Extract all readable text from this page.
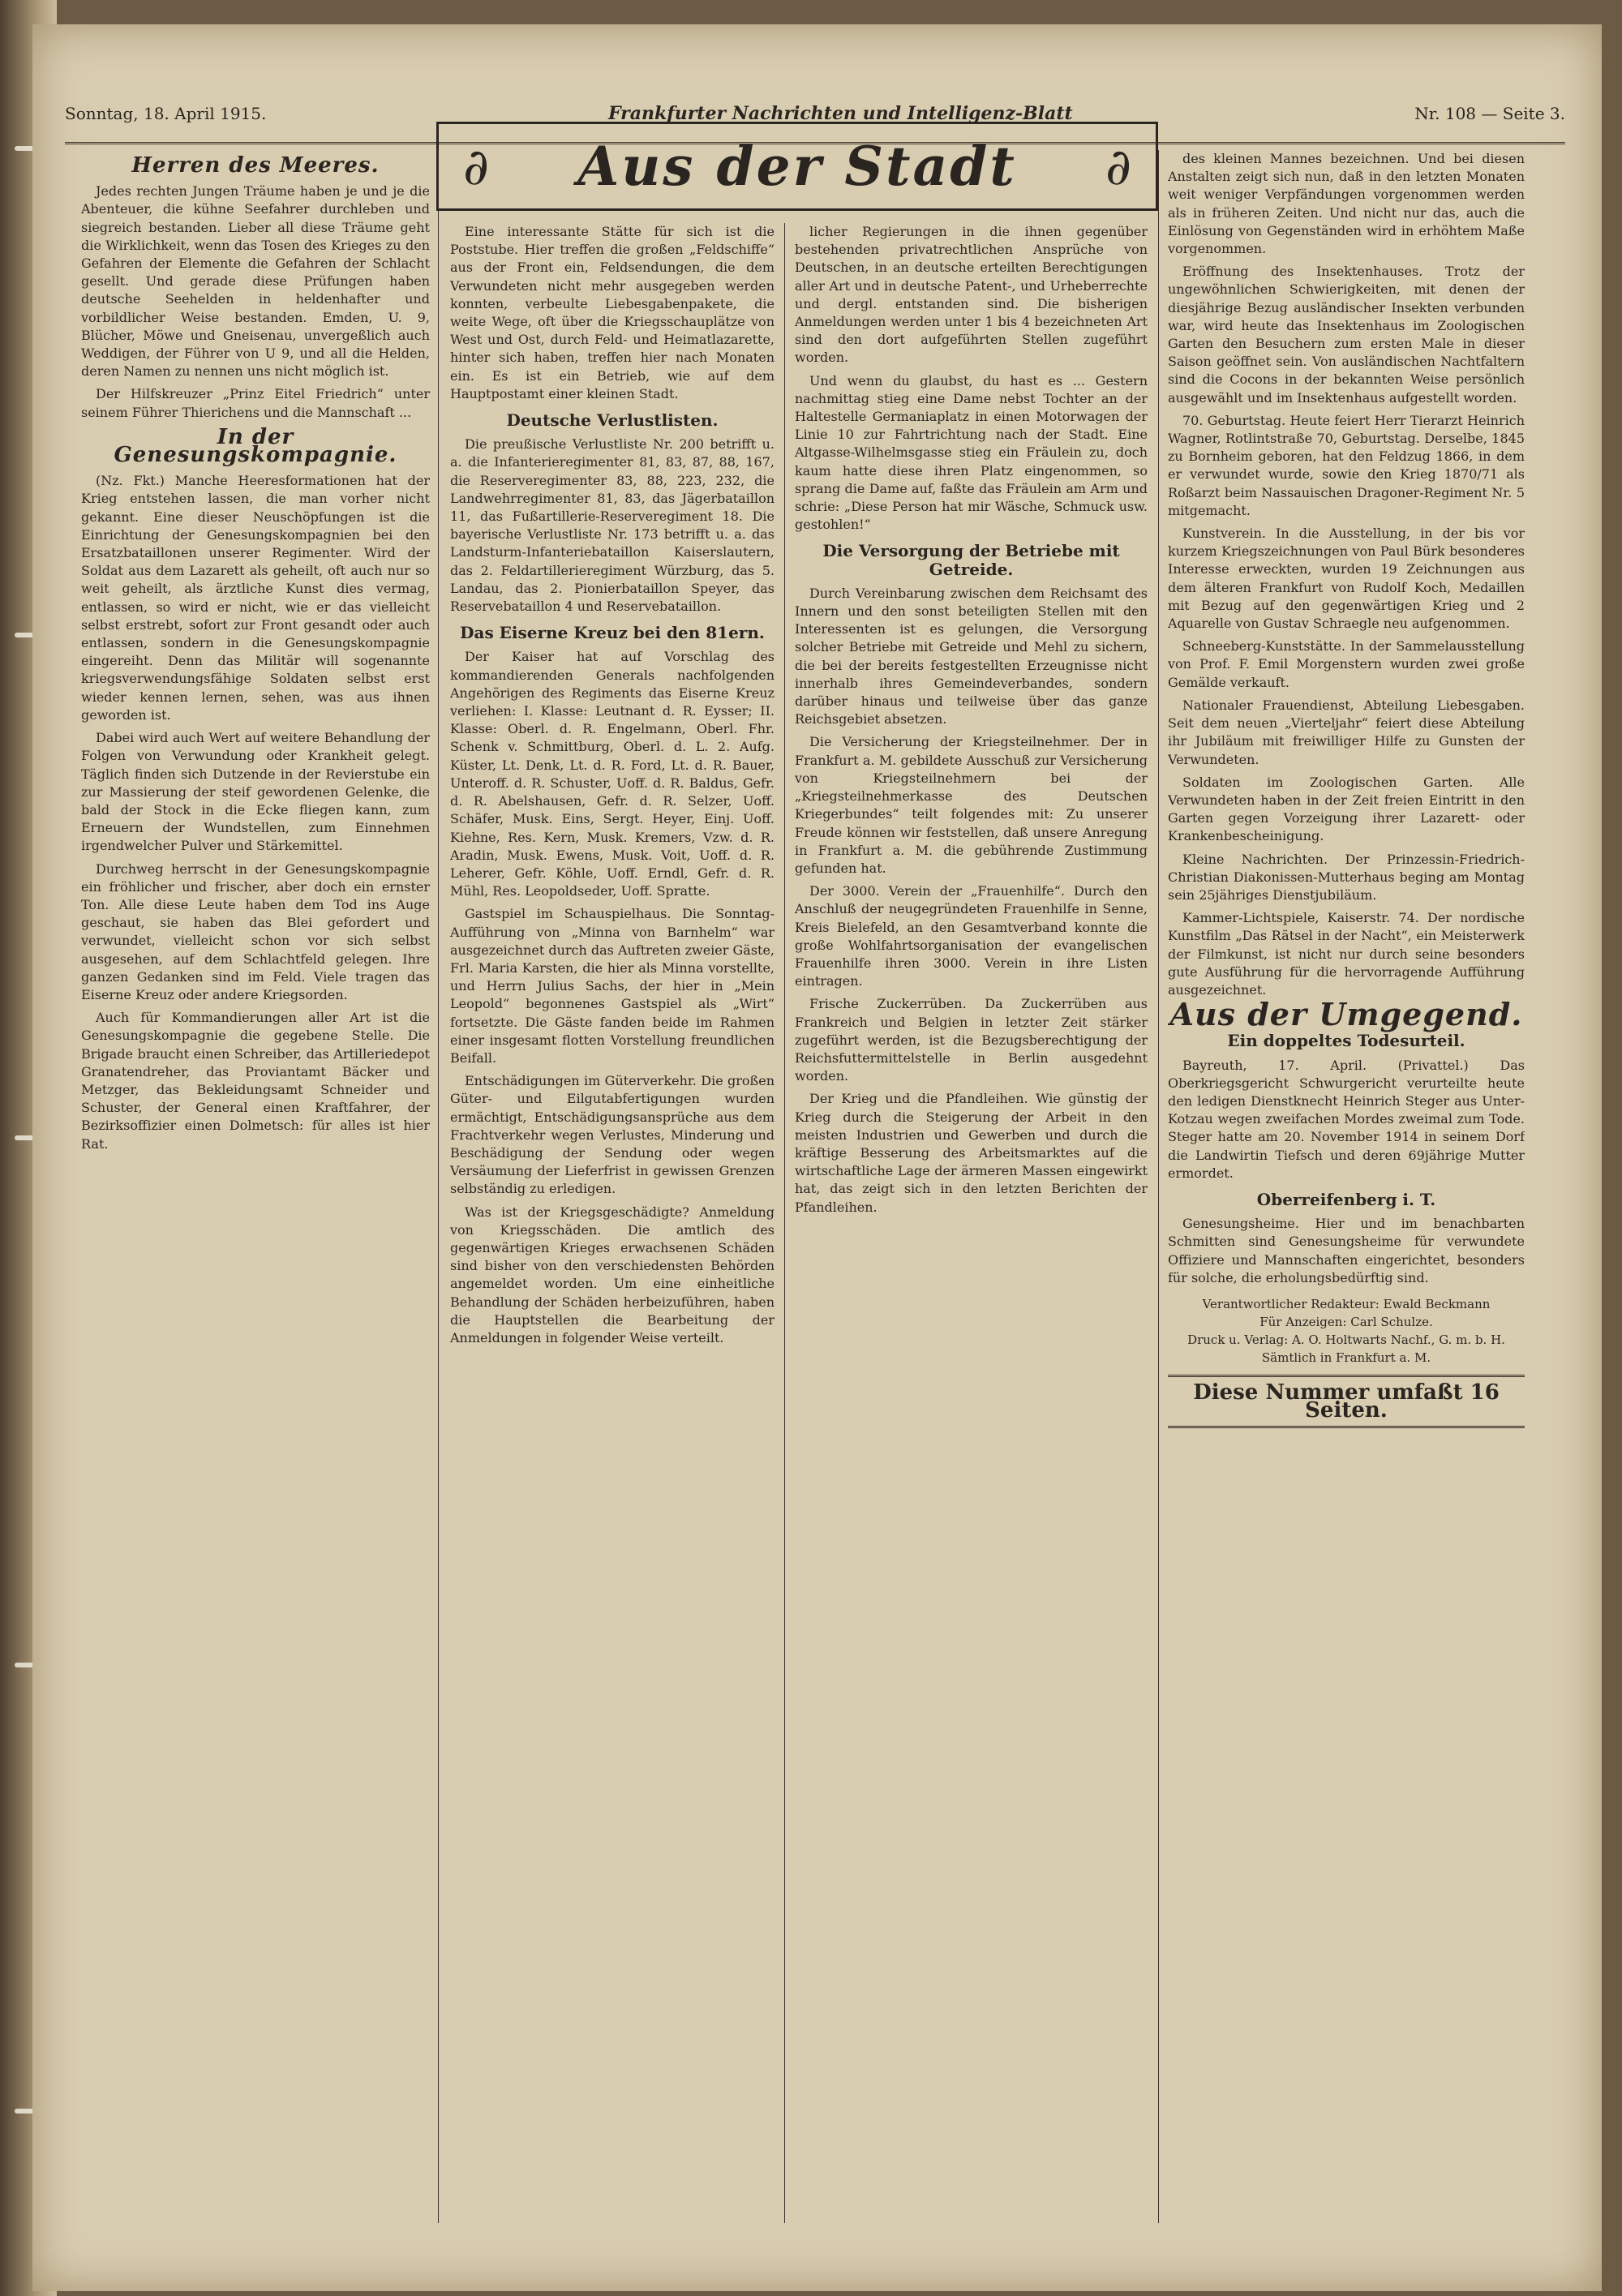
Sonntag, 18. April 1915.	Frankfurter Nachrichten und Intelligenz-Blatt	Nr. 108 — Seite 3.
∂ Aus der Stadt ∂
Herren des Meeres.

Jedes rechten Jungen Träume haben je und je die Abenteuer, die kühne Seefahrer durchleben und siegreich bestanden. Lieber all diese Träume geht die Wirklichkeit, wenn das Tosen des Krieges zu den Gefahren der Elemente die Gefahren der Schlacht gesellt. Und gerade diese Prüfungen haben deutsche Seehelden in heldenhafter und vorbildlicher Weise bestanden. Emden, U. 9, Blücher, Möwe und Gneisenau, unvergeßlich auch Weddigen, der Führer von U 9, und all die Helden, deren Namen zu nennen uns nicht möglich ist.

Der Hilfskreuzer „Prinz Eitel Friedrich“ unter seinem Führer Thierichens und die Mannschaft ...

In der Genesungskompagnie.

(Nz. Fkt.) Manche Heeresformationen hat der Krieg entstehen lassen, die man vorher nicht gekannt. Eine dieser Neuschöpfungen ist die Einrichtung der Genesungskompagnien bei den Ersatzbataillonen unserer Regimenter. Wird der Soldat aus dem Lazarett als geheilt, oft auch nur so weit geheilt, als ärztliche Kunst dies vermag, entlassen, so wird er nicht, wie er das vielleicht selbst erstrebt, sofort zur Front gesandt oder auch entlassen, sondern in die Genesungskompagnie eingereiht. Denn das Militär will sogenannte kriegsverwendungsfähige Soldaten selbst erst wieder kennen lernen, sehen, was aus ihnen geworden ist.

Dabei wird auch Wert auf weitere Behandlung der Folgen von Verwundung oder Krankheit gelegt. Täglich finden sich Dutzende in der Revierstube ein zur Massierung der steif gewordenen Gelenke, die bald der Stock in die Ecke fliegen kann, zum Erneuern der Wundstellen, zum Einnehmen irgendwelcher Pulver und Stärkemittel.

Durchweg herrscht in der Genesungskompagnie ein fröhlicher und frischer, aber doch ein ernster Ton. Alle diese Leute haben dem Tod ins Auge geschaut, sie haben das Blei gefordert und verwundet, vielleicht schon vor sich selbst ausgesehen, auf dem Schlachtfeld gelegen. Ihre ganzen Gedanken sind im Feld. Viele tragen das Eiserne Kreuz oder andere Kriegsorden.

Auch für Kommandierungen aller Art ist die Genesungskompagnie die gegebene Stelle. Die Brigade braucht einen Schreiber, das Artilleriedepot Granatendreher, das Proviantamt Bäcker und Metzger, das Bekleidungsamt Schneider und Schuster, der General einen Kraftfahrer, der Bezirksoffizier einen Dolmetsch: für alles ist hier Rat.

Eine interessante Stätte für sich ist die Poststube. Hier treffen die großen „Feldschiffe“ aus der Front ein, Feldsendungen, die dem Verwundeten nicht mehr ausgegeben werden konnten, verbeulte Liebesgabenpakete, die weite Wege, oft über die Kriegsschauplätze von West und Ost, durch Feld- und Heimatlazarette, hinter sich haben, treffen hier nach Monaten ein. Es ist ein Betrieb, wie auf dem Hauptpostamt einer kleinen Stadt.

Deutsche Verlustlisten.

Die preußische Verlustliste Nr. 200 betrifft u. a. die Infanterieregimenter 81, 83, 87, 88, 167, die Reserveregimenter 83, 88, 223, 232, die Landwehrregimenter 81, 83, das Jägerbataillon 11, das Fußartillerie-Reserveregiment 18. Die bayerische Verlustliste Nr. 173 betrifft u. a. das Landsturm-Infanteriebataillon Kaiserslautern, das 2. Feldartillerieregiment Würzburg, das 5. Landau, das 2. Pionierbataillon Speyer, das Reservebataillon 4 und Reservebataillon.

Das Eiserne Kreuz bei den 81ern.

Der Kaiser hat auf Vorschlag des kommandierenden Generals nachfolgenden Angehörigen des Regiments das Eiserne Kreuz verliehen: I. Klasse: Leutnant d. R. Eysser; II. Klasse: Oberl. d. R. Engelmann, Oberl. Fhr. Schenk v. Schmittburg, Oberl. d. L. 2. Aufg. Küster, Lt. Denk, Lt. d. R. Ford, Lt. d. R. Bauer, Unteroff. d. R. Schuster, Uoff. d. R. Baldus, Gefr. d. R. Abelshausen, Gefr. d. R. Selzer, Uoff. Schäfer, Musk. Eins, Sergt. Heyer, Einj. Uoff. Kiehne, Res. Kern, Musk. Kremers, Vzw. d. R. Aradin, Musk. Ewens, Musk. Voit, Uoff. d. R. Leherer, Gefr. Köhle, Uoff. Erndl, Gefr. d. R. Mühl, Res. Leopoldseder, Uoff. Spratte.

Gastspiel im Schauspielhaus. Die Sonntag-Aufführung von „Minna von Barnhelm“ war ausgezeichnet durch das Auftreten zweier Gäste, Frl. Maria Karsten, die hier als Minna vorstellte, und Herrn Julius Sachs, der hier in „Mein Leopold“ begonnenes Gastspiel als „Wirt“ fortsetzte. Die Gäste fanden beide im Rahmen einer insgesamt flotten Vorstellung freundlichen Beifall.

Entschädigungen im Güterverkehr. Die großen Güter- und Eilgutabfertigungen wurden ermächtigt, Entschädigungsansprüche aus dem Frachtverkehr wegen Verlustes, Minderung und Beschädigung der Sendung oder wegen Versäumung der Lieferfrist in gewissen Grenzen selbständig zu erledigen.

Was ist der Kriegsgeschädigte? Anmeldung von Kriegsschäden. Die amtlich des gegenwärtigen Krieges erwachsenen Schäden sind bisher von den verschiedensten Behörden angemeldet worden. Um eine einheitliche Behandlung der Schäden herbeizuführen, haben die Hauptstellen die Bearbeitung der Anmeldungen in folgender Weise verteilt.

licher Regierungen in die ihnen gegenüber bestehenden privatrechtlichen Ansprüche von Deutschen, in an deutsche erteilten Berechtigungen aller Art und in deutsche Patent-, und Urheberrechte und dergl. entstanden sind. Die bisherigen Anmeldungen werden unter 1 bis 4 bezeichneten Art sind den dort aufgeführten Stellen zugeführt worden.

Und wenn du glaubst, du hast es ... Gestern nachmittag stieg eine Dame nebst Tochter an der Haltestelle Germaniaplatz in einen Motorwagen der Linie 10 zur Fahrtrichtung nach der Stadt. Eine Altgasse-Wilhelmsgasse stieg ein Fräulein zu, doch kaum hatte diese ihren Platz eingenommen, so sprang die Dame auf, faßte das Fräulein am Arm und schrie: „Diese Person hat mir Wäsche, Schmuck usw. gestohlen!“

Die Versorgung der Betriebe mit Getreide.

Durch Vereinbarung zwischen dem Reichsamt des Innern und den sonst beteiligten Stellen mit den Interessenten ist es gelungen, die Versorgung solcher Betriebe mit Getreide und Mehl zu sichern, die bei der bereits festgestellten Erzeugnisse nicht innerhalb ihres Gemeindeverbandes, sondern darüber hinaus und teilweise über das ganze Reichsgebiet absetzen.

Die Versicherung der Kriegsteilnehmer. Der in Frankfurt a. M. gebildete Ausschuß zur Versicherung von Kriegsteilnehmern bei der „Kriegsteilnehmerkasse des Deutschen Kriegerbundes“ teilt folgendes mit: Zu unserer Freude können wir feststellen, daß unsere Anregung in Frankfurt a. M. die gebührende Zustimmung gefunden hat.

Der 3000. Verein der „Frauenhilfe“. Durch den Anschluß der neugegründeten Frauenhilfe in Senne, Kreis Bielefeld, an den Gesamtverband konnte die große Wohlfahrtsorganisation der evangelischen Frauenhilfe ihren 3000. Verein in ihre Listen eintragen.

Frische Zuckerrüben. Da Zuckerrüben aus Frankreich und Belgien in letzter Zeit stärker zugeführt werden, ist die Bezugsberechtigung der Reichsfuttermittelstelle in Berlin ausgedehnt worden.

Der Krieg und die Pfandleihen. Wie günstig der Krieg durch die Steigerung der Arbeit in den meisten Industrien und Gewerben und durch die kräftige Besserung des Arbeitsmarktes auf die wirtschaftliche Lage der ärmeren Massen eingewirkt hat, das zeigt sich in den letzten Berichten der Pfandleihen.

des kleinen Mannes bezeichnen. Und bei diesen Anstalten zeigt sich nun, daß in den letzten Monaten weit weniger Verpfändungen vorgenommen werden als in früheren Zeiten. Und nicht nur das, auch die Einlösung von Gegenständen wird in erhöhtem Maße vorgenommen.

Eröffnung des Insektenhauses. Trotz der ungewöhnlichen Schwierigkeiten, mit denen der diesjährige Bezug ausländischer Insekten verbunden war, wird heute das Insektenhaus im Zoologischen Garten den Besuchern zum ersten Male in dieser Saison geöffnet sein. Von ausländischen Nachtfaltern sind die Cocons in der bekannten Weise persönlich ausgewählt und im Insektenhaus aufgestellt worden.

70. Geburtstag. Heute feiert Herr Tierarzt Heinrich Wagner, Rotlintstraße 70, Geburtstag. Derselbe, 1845 zu Bornheim geboren, hat den Feldzug 1866, in dem er verwundet wurde, sowie den Krieg 1870/71 als Roßarzt beim Nassauischen Dragoner-Regiment Nr. 5 mitgemacht.

Kunstverein. In die Ausstellung, in der bis vor kurzem Kriegszeichnungen von Paul Bürk besonderes Interesse erweckten, wurden 19 Zeichnungen aus dem älteren Frankfurt von Rudolf Koch, Medaillen mit Bezug auf den gegenwärtigen Krieg und 2 Aquarelle von Gustav Schraegle neu aufgenommen.

Schneeberg-Kunststätte. In der Sammelausstellung von Prof. F. Emil Morgenstern wurden zwei große Gemälde verkauft.

Nationaler Frauendienst, Abteilung Liebesgaben. Seit dem neuen „Vierteljahr“ feiert diese Abteilung ihr Jubiläum mit freiwilliger Hilfe zu Gunsten der Verwundeten.

Soldaten im Zoologischen Garten. Alle Verwundeten haben in der Zeit freien Eintritt in den Garten gegen Vorzeigung ihrer Lazarett- oder Krankenbescheinigung.

Kleine Nachrichten. Der Prinzessin-Friedrich-Christian Diakonissen-Mutterhaus beging am Montag sein 25jähriges Dienstjubiläum.

Kammer-Lichtspiele, Kaiserstr. 74. Der nordische Kunstfilm „Das Rätsel in der Nacht“, ein Meisterwerk der Filmkunst, ist nicht nur durch seine besonders gute Ausführung für die hervorragende Aufführung ausgezeichnet.

Aus der Umgegend.
Ein doppeltes Todesurteil.

Bayreuth, 17. April. (Privattel.) Das Oberkriegsgericht Schwurgericht verurteilte heute den ledigen Dienstknecht Heinrich Steger aus Unter-Kotzau wegen zweifachen Mordes zweimal zum Tode. Steger hatte am 20. November 1914 in seinem Dorf die Landwirtin Tiefsch und deren 69jährige Mutter ermordet.

Oberreifenberg i. T.

Genesungsheime. Hier und im benachbarten Schmitten sind Genesungsheime für verwundete Offiziere und Mannschaften eingerichtet, besonders für solche, die erholungsbedürftig sind.

Verantwortlicher Redakteur: Ewald Beckmann
Für Anzeigen: Carl Schulze.
Druck u. Verlag: A. O. Holtwarts Nachf., G. m. b. H.
Sämtlich in Frankfurt a. M.
Diese Nummer umfaßt 16 Seiten.
